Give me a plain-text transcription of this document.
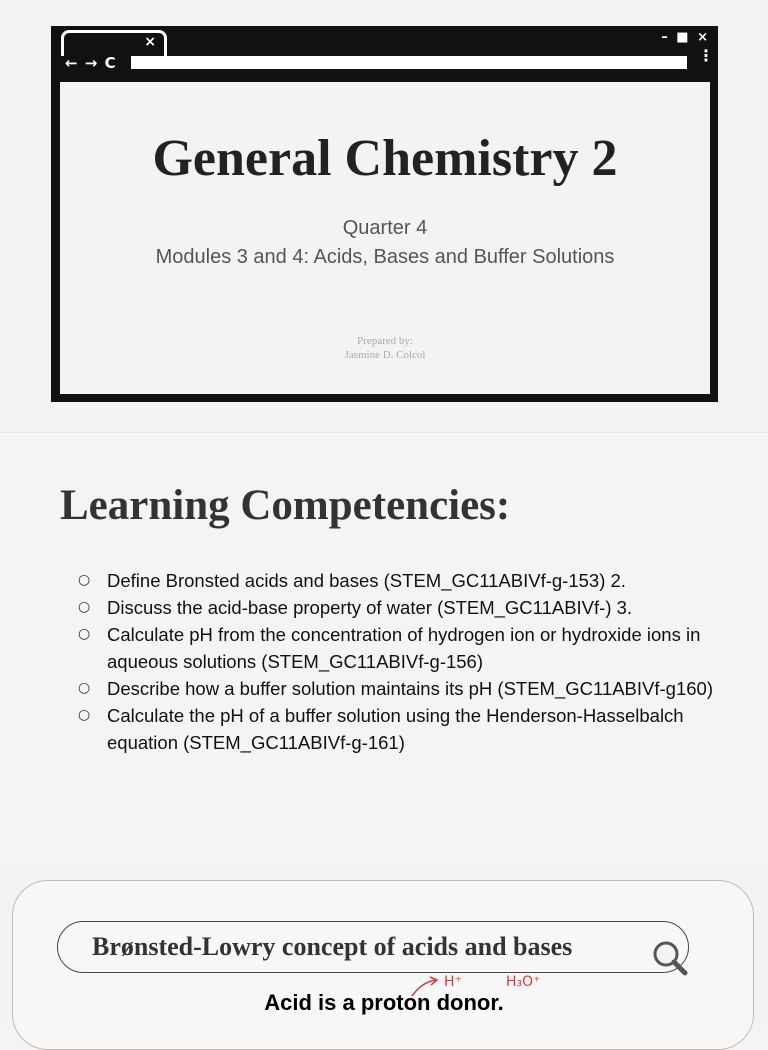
×	– ■ ×
← → C	⋮
General Chemistry 2
Quarter 4
Modules 3 and 4: Acids, Bases and Buffer Solutions
Prepared by:
Jasmine D. Colcol
Learning Competencies:
○ Define Bronsted acids and bases (STEM_GC11ABIVf-g-153) 2.
○ Discuss the acid-base property of water (STEM_GC11ABIVf-) 3.
○ Calculate pH from the concentration of hydrogen ion or hydroxide ions in aqueous solutions (STEM_GC11ABIVf-g-156)
○ Describe how a buffer solution maintains its pH (STEM_GC11ABIVf-g160)
○ Calculate the pH of a buffer solution using the Henderson-Hasselbalch equation (STEM_GC11ABIVf-g-161)
Brønsted-Lowry concept of acids and bases
H⁺	H₃O⁺
Acid is a proton donor.
